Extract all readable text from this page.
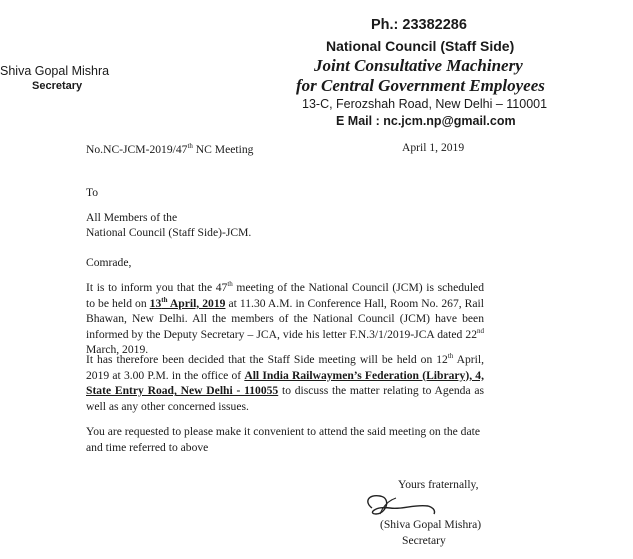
Shiva Gopal Mishra
Secretary
Ph.: 23382286
National Council (Staff Side)
Joint Consultative Machinery
for Central Government Employees
13-C, Ferozshah Road, New Delhi – 110001
E Mail : nc.jcm.np@gmail.com
No.NC-JCM-2019/47th NC Meeting	April 1, 2019
To
All Members of the
National Council (Staff Side)-JCM.
Comrade,
It is to inform you that the 47th meeting of the National Council (JCM) is scheduled to be held on 13th April, 2019 at 11.30 A.M. in Conference Hall, Room No. 267, Rail Bhawan, New Delhi. All the members of the National Council (JCM) have been informed by the Deputy Secretary – JCA, vide his letter F.N.3/1/2019-JCA dated 22nd March, 2019.
It has therefore been decided that the Staff Side meeting will be held on 12th April, 2019 at 3.00 P.M. in the office of All India Railwaymen’s Federation (Library), 4, State Entry Road, New Delhi - 110055 to discuss the matter relating to Agenda as well as any other concerned issues.
You are requested to please make it convenient to attend the said meeting on the date and time referred to above
Yours fraternally,
(Shiva Gopal Mishra)
Secretary
